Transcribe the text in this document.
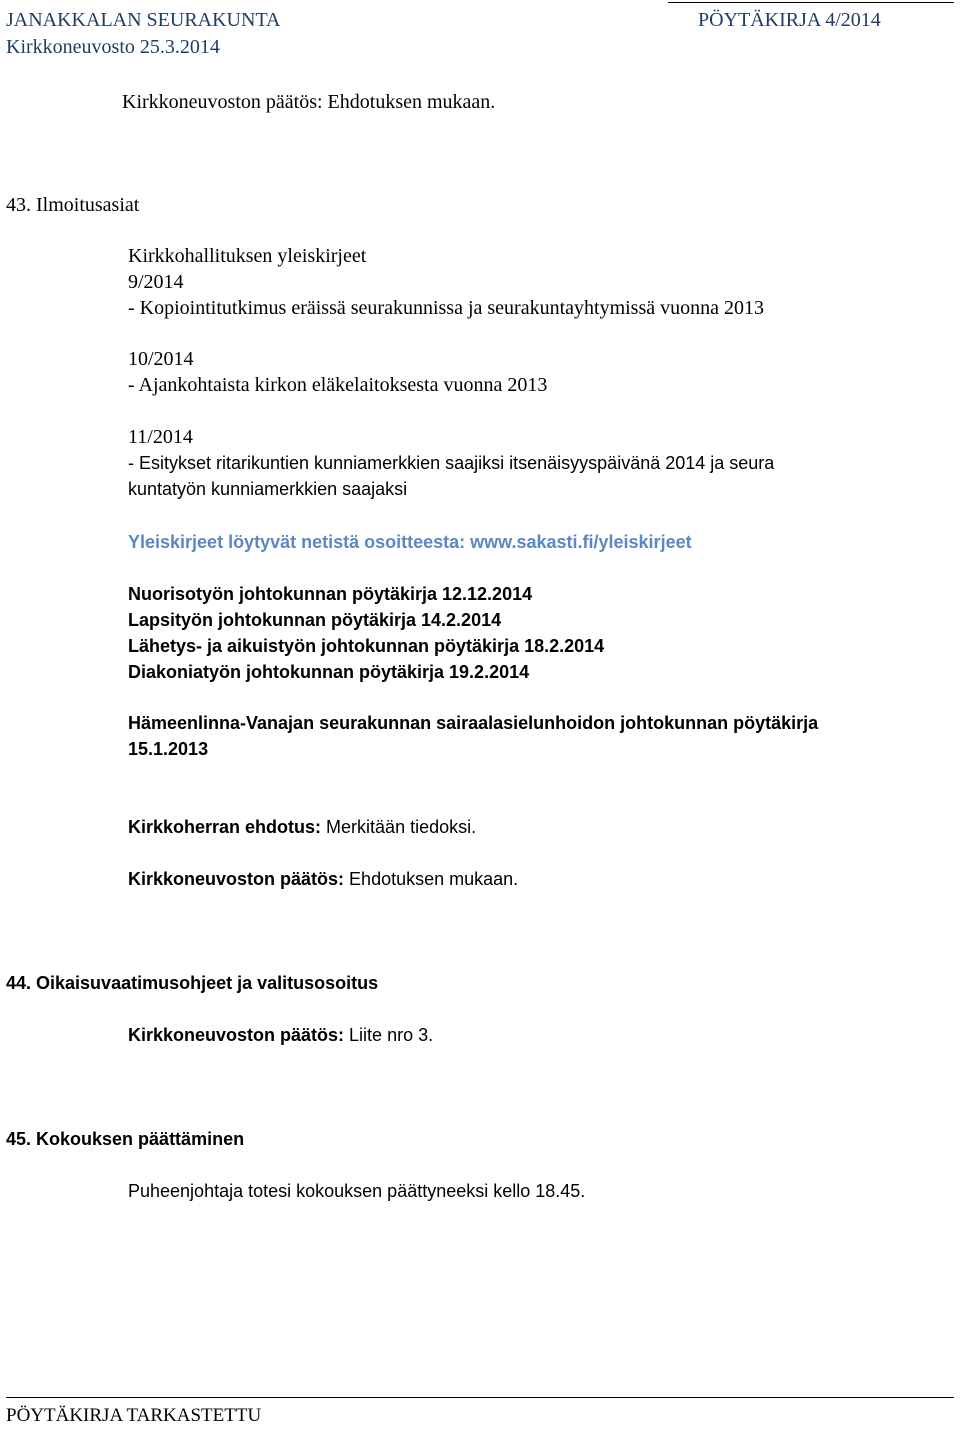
JANAKKALAN SEURAKUNTA	PÖYTÄKIRJA 4/2014
Kirkkoneuvosto 25.3.2014
Kirkkoneuvoston päätös: Ehdotuksen mukaan.
43. Ilmoitusasiat
Kirkkohallituksen yleiskirjeet
9/2014
- Kopiointitutkimus eräissä seurakunnissa ja seurakuntayhtymissä vuonna 2013
10/2014
- Ajankohtaista kirkon eläkelaitoksesta vuonna 2013
11/2014
- Esitykset ritarikuntien kunniamerkkien saajiksi itsenäisyyspäivänä 2014 ja seura
kuntatyön kunniamerkkien saajaksi
Yleiskirjeet löytyvät netistä osoitteesta: www.sakasti.fi/yleiskirjeet
Nuorisotyön johtokunnan pöytäkirja 12.12.2014
Lapsityön johtokunnan pöytäkirja 14.2.2014
Lähetys- ja aikuistyön johtokunnan pöytäkirja 18.2.2014
Diakoniatyön johtokunnan pöytäkirja 19.2.2014
Hämeenlinna-Vanajan seurakunnan sairaalasielunhoidon johtokunnan pöytäkirja
15.1.2013
Kirkkoherran ehdotus: Merkitään tiedoksi.
Kirkkoneuvoston päätös: Ehdotuksen mukaan.
44. Oikaisuvaatimusohjeet ja valitusosoitus
Kirkkoneuvoston päätös: Liite nro 3.
45. Kokouksen päättäminen
Puheenjohtaja totesi kokouksen päättyneeksi kello 18.45.
PÖYTÄKIRJA TARKASTETTU
